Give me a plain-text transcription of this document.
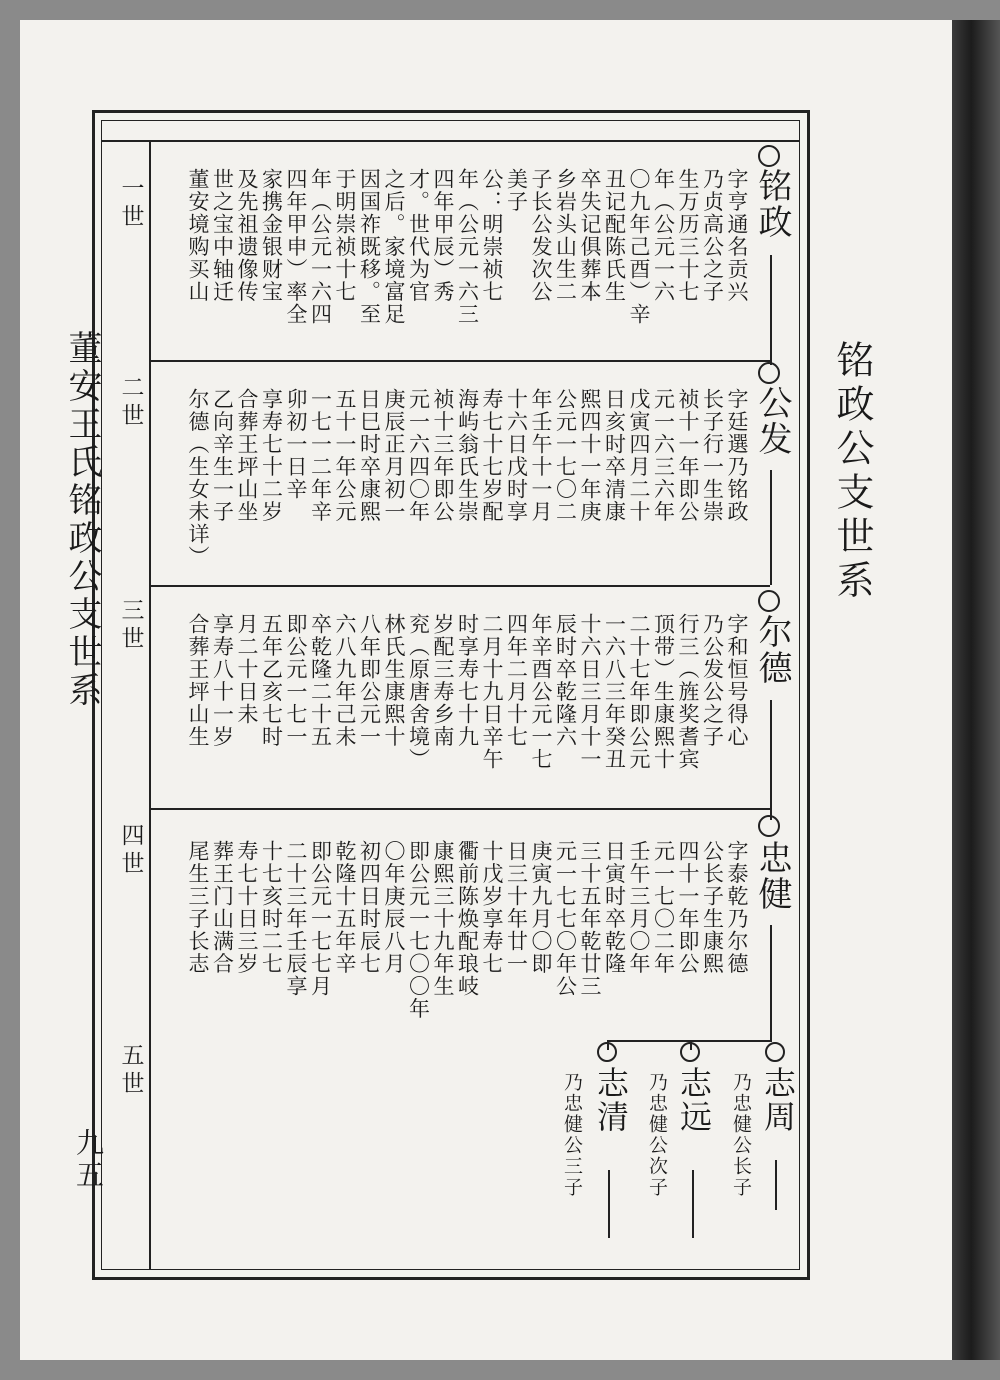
一世
二世
三世
四世
五世
董安王氏铭政公支世系
九五
铭政公支世系
铭政
字亨通名贡兴
乃贞高公之子
生万历三十七
年（公元一六
〇九年己酉）辛
丑记配陈氏生
卒失记俱葬本
乡岩头山生二
子长公发次公
美子
公：明崇祯七
年（公元一六三
四年甲辰）秀
才。世代为官
之后。家境富足
因国祚既移。至
于明崇祯十七
年（公元一六四
四年甲申）率全
家携金银财宝
及先祖遗像传
世之宝中轴迁
董安境购买山
公发
字廷選乃铭政
长子行一生崇
祯十一年即公
元一六三六年
戊寅四月二十
日亥时卒清康
熙四十一年庚
公元一七〇二
年壬午十一月
十六日戊时享
寿七十七岁配
海屿翁氏生崇
祯十三年即公
元一六四〇年
庚辰正月初一
日巳时卒康熙
五十一年公元
一七一二年辛
卯初一日辛
享寿七十二岁
合葬王坪山坐
乙向辛生一子
尔德（生女未详）
尔德
字和恒号得心
乃公发公之子
行三（旌奖耆宾
顶带）生康熙十
二十七年即公元
一六八三年癸丑
十六日三月十一
辰时卒乾隆六
年辛酉公元一七
四年二月十七
二月十九日辛午
时享寿七十九
岁配三寿乡南
兖（原唐舍境）
林氏生康熙十
八年即公元一
六八九年己未
卒乾隆二十五
即公元一七一
五年乙亥七时
月二十日未
享寿八十一岁
合葬王坪山生
忠健
字泰乾乃尔德
公长子生康熙
四十一年即公
元一七〇二年
壬午三月〇年
日寅时卒乾隆
三十五年乾廿三
元一七七〇年公
庚寅九月〇即
日三十年廿一
十戊岁享寿七
衢前陈焕配琅岐
康熙三十九年生
即公元一七〇〇年
〇年庚辰八月
初四日时辰七
乾隆十五年辛
即公元一七七月
二十三年壬辰享
十七亥时二七
寿七十日三岁
葬王门山满合
尾生三子长志
志周
乃忠健公长子
志远
乃忠健公次子
志清
乃忠健公三子
